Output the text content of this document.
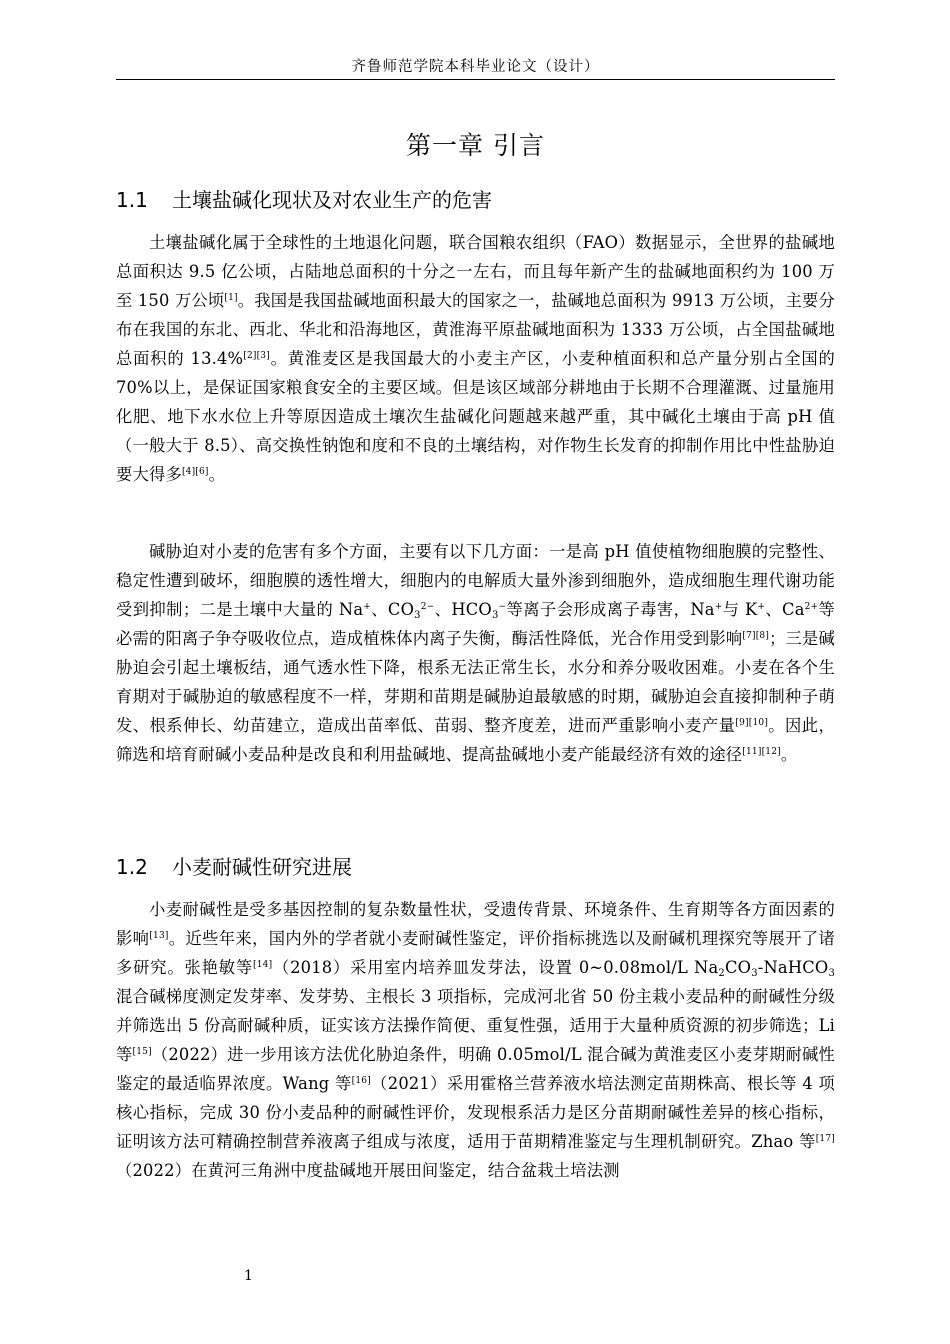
齐鲁师范学院本科毕业论文（设计）
第一章 引言
1.1 土壤盐碱化现状及对农业生产的危害

土壤盐碱化属于全球性的土地退化问题，联合国粮农组织（FAO）数据显示，全世界的盐碱地总面积达 9.5 亿公顷，占陆地总面积的十分之一左右，而且每年新产生的盐碱地面积约为 100 万至 150 万公顷[1]。我国是我国盐碱地面积最大的国家之一，盐碱地总面积为 9913 万公顷，主要分布在我国的东北、西北、华北和沿海地区，黄淮海平原盐碱地面积为 1333 万公顷，占全国盐碱地总面积的 13.4%[2][3]。黄淮麦区是我国最大的小麦主产区，小麦种植面积和总产量分别占全国的 70%以上，是保证国家粮食安全的主要区域。但是该区域部分耕地由于长期不合理灌溉、过量施用化肥、地下水水位上升等原因造成土壤次生盐碱化问题越来越严重，其中碱化土壤由于高 pH 值（一般大于 8.5）、高交换性钠饱和度和不良的土壤结构，对作物生长发育的抑制作用比中性盐胁迫要大得多[4][6]。

碱胁迫对小麦的危害有多个方面，主要有以下几方面：一是高 pH 值使植物细胞膜的完整性、稳定性遭到破坏，细胞膜的透性增大，细胞内的电解质大量外渗到细胞外，造成细胞生理代谢功能受到抑制；二是土壤中大量的 Na+、$CO_3^{2-}$、$HCO_3^-$等离子会形成离子毒害，Na+与 K+、$Ca^{2+}$等必需的阳离子争夺吸收位点，造成植株体内离子失衡，酶活性降低，光合作用受到影响[7][8]；三是碱胁迫会引起土壤板结，通气透水性下降，根系无法正常生长，水分和养分吸收困难。小麦在各个生育期对于碱胁迫的敏感程度不一样，芽期和苗期是碱胁迫最敏感的时期，碱胁迫会直接抑制种子萌发、根系伸长、幼苗建立，造成出苗率低、苗弱、整齐度差，进而严重影响小麦产量[9][10]。因此，筛选和培育耐碱小麦品种是改良和利用盐碱地、提高盐碱地小麦产能最经济有效的途径[11][12]。

1.2 小麦耐碱性研究进展

小麦耐碱性是受多基因控制的复杂数量性状，受遗传背景、环境条件、生育期等各方面因素的影响[13]。近些年来，国内外的学者就小麦耐碱性鉴定，评价指标挑选以及耐碱机理探究等展开了诸多研究。张艳敏等[14]（2018）采用室内培养皿发芽法，设置 0~0.08mol/L $Na_2CO_3-NaHCO_3$ 混合碱梯度测定发芽率、发芽势、主根长 3 项指标，完成河北省 50 份主栽小麦品种的耐碱性分级并筛选出 5 份高耐碱种质，证实该方法操作简便、重复性强，适用于大量种质资源的初步筛选；Li 等[15]（2022）进一步用该方法优化胁迫条件，明确 0.05mol/L 混合碱为黄淮麦区小麦芽期耐碱性鉴定的最适临界浓度。Wang 等[16]（2021）采用霍格兰营养液水培法测定苗期株高、根长等 4 项核心指标，完成 30 份小麦品种的耐碱性评价，发现根系活力是区分苗期耐碱性差异的核心指标，证明该方法可精确控制营养液离子组成与浓度，适用于苗期精准鉴定与生理机制研究。Zhao 等[17]（2022）在黄河三角洲中度盐碱地开展田间鉴定，结合盆栽土培法测

1
